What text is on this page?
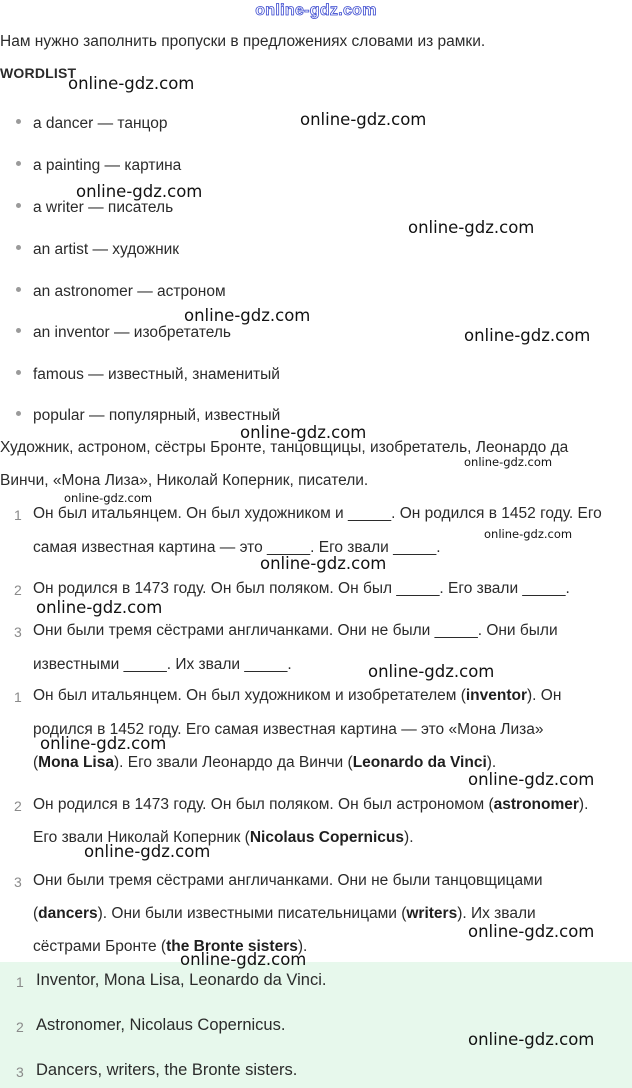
online-gdz.com
Нам нужно заполнить пропуски в предложениях словами из рамки.
WORDLIST
a dancer — танцор
a painting — картина
a writer — писатель
an artist — художник
an astronomer — астроном
an inventor — изобретатель
famous — известный, знаменитый
popular — популярный, известный
Художник, астроном, сёстры Бронте, танцовщицы, изобретатель, Леонардо да
Винчи, «Мона Лиза», Николай Коперник, писатели.
1 Он был итальянцем. Он был художником и _____. Он родился в 1452 году. Его
самая известная картина — это _____. Его звали _____.
2 Он родился в 1473 году. Он был поляком. Он был _____. Его звали _____.
3 Они были тремя сёстрами англичанками. Они не были _____. Они были
известными _____. Их звали _____.
1 Он был итальянцем. Он был художником и изобретателем (inventor). Он
родился в 1452 году. Его самая известная картина — это «Мона Лиза»
(Mona Lisa). Его звали Леонардо да Винчи (Leonardo da Vinci).
2 Он родился в 1473 году. Он был поляком. Он был астрономом (astronomer).
Его звали Николай Коперник (Nicolaus Copernicus).
3 Они были тремя сёстрами англичанками. Они не были танцовщицами
(dancers). Они были известными писательницами (writers). Их звали
сёстрами Бронте (the Bronte sisters).
1 Inventor, Mona Lisa, Leonardo da Vinci.
2 Astronomer, Nicolaus Copernicus.
3 Dancers, writers, the Bronte sisters.
online-gdz.com
online-gdz.com
online-gdz.com
online-gdz.com
online-gdz.com
online-gdz.com
online-gdz.com
online-gdz.com
online-gdz.com
online-gdz.com
online-gdz.com
online-gdz.com
online-gdz.com
online-gdz.com
online-gdz.com
online-gdz.com
online-gdz.com
online-gdz.com
online-gdz.com
